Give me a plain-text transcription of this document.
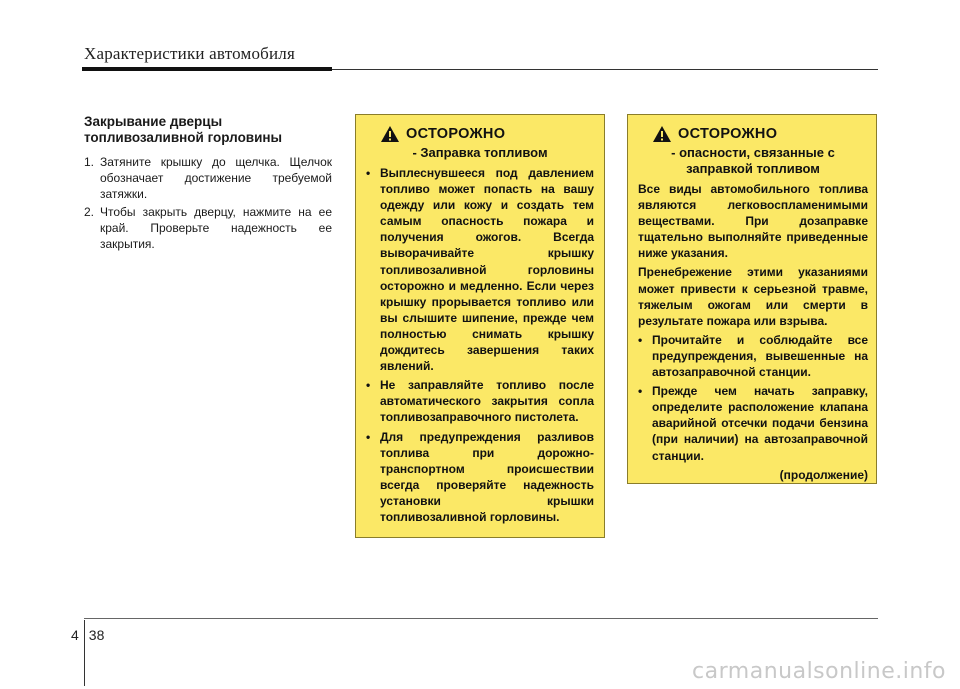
Характеристики автомобиля
Закрывание дверцы
топливозаливной горловины
1. Затяните крышку до щелчка. Щелчок обозначает достижение требуемой затяжки.
2. Чтобы закрыть дверцу, нажмите на ее край. Проверьте надежность ее закрытия.
ОСТОРОЖНО
- Заправка топливом
• Выплеснувшееся под давлением топливо может попасть на вашу одежду или кожу и создать тем самым опасность пожара и получения ожогов. Всегда выворачивайте крышку топливозаливной горловины осторожно и медленно. Если через крышку прорывается топливо или вы слышите шипение, прежде чем полностью снимать крышку дождитесь завершения таких явлений.
• Не заправляйте топливо после автоматического закрытия сопла топливозаправочного пистолета.
• Для предупреждения разливов топлива при дорожно-транспортном происшествии всегда проверяйте надежность установки крышки топливозаливной горловины.
ОСТОРОЖНО
- опасности, связанные с заправкой топливом
Все виды автомобильного топлива являются легковоспламенимыми веществами. При дозаправке тщательно выполняйте приведенные ниже указания.
Пренебрежение этими указаниями может привести к серьезной травме, тяжелым ожогам или смерти в результате пожара или взрыва.
• Прочитайте и соблюдайте все предупреждения, вывешенные на автозаправочной станции.
• Прежде чем начать заправку, определите расположение клапана аварийной отсечки подачи бензина (при наличии) на автозаправочной станции.
(продолжение)
4 38
carmanualsonline.info
